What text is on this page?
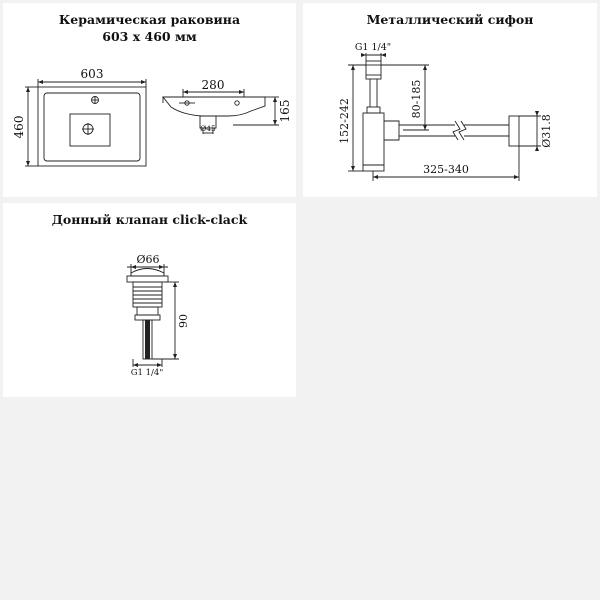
Керамическая раковина
603 x 460 мм
603
460
280
165
Ø45
Металлический сифон
G1 1/4"
152-242	80-185
325-340
Ø31.8
Донный клапан click-clack
Ø66
90
G1 1/4"
